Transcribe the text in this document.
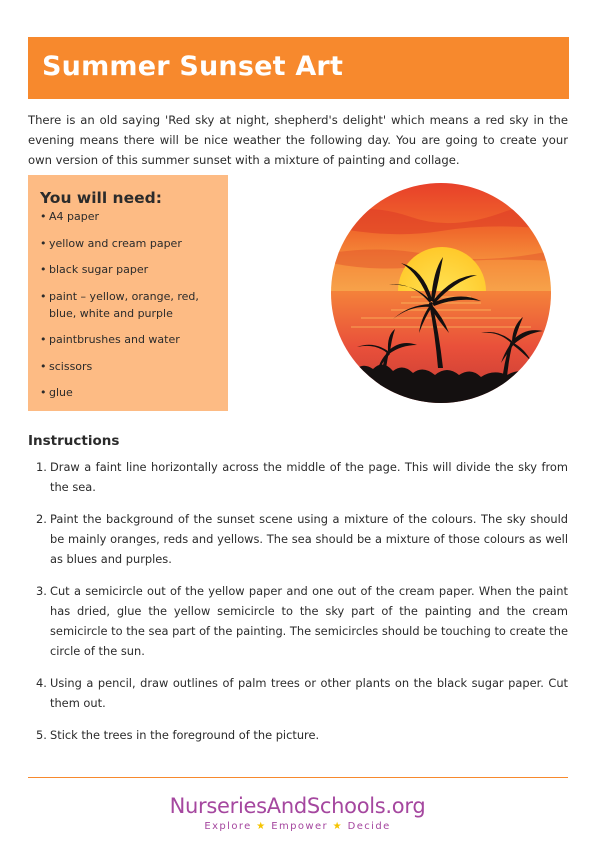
Summer Sunset Art

There is an old saying 'Red sky at night, shepherd's delight' which means a red sky in the evening means there will be nice weather the following day. You are going to create your own version of this summer sunset with a mixture of painting and collage.

You will need:
• A4 paper
• yellow and cream paper
• black sugar paper
• paint – yellow, orange, red, blue, white and purple
• paintbrushes and water
• scissors
• glue
Instructions
1. Draw a faint line horizontally across the middle of the page. This will divide the sky from the sea.
2. Paint the background of the sunset scene using a mixture of the colours. The sky should be mainly oranges, reds and yellows. The sea should be a mixture of those colours as well as blues and purples.
3. Cut a semicircle out of the yellow paper and one out of the cream paper. When the paint has dried, glue the yellow semicircle to the sky part of the painting and the cream semicircle to the sea part of the painting. The semicircles should be touching to create the circle of the sun.
4. Using a pencil, draw outlines of palm trees or other plants on the black sugar paper. Cut them out.
5. Stick the trees in the foreground of the picture.
NurseriesAndSchools.org
Explore ★ Empower ★ Decide
